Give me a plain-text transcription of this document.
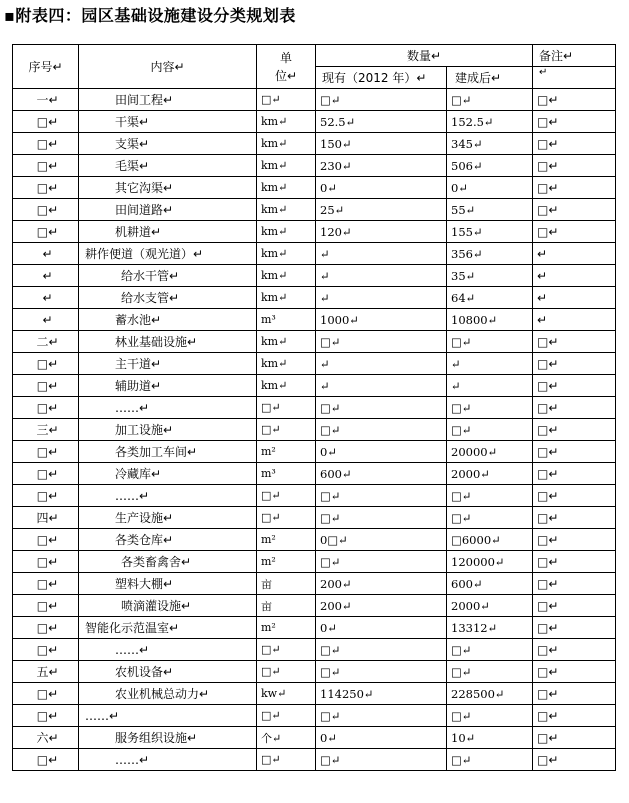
▪附表四：园区基础设施建设分类规划表
序号↵	内容↵	单
位↵	数量↵		备注↵
			现有（2012 年）↵	建成后↵	↵
一↵	田间工程↵	□↵	□↵	□↵	□↵
□↵	干渠↵	km↵	52.5↵	152.5↵	□↵
□↵	支渠↵	km↵	150↵	345↵	□↵
□↵	毛渠↵	km↵	230↵	506↵	□↵
□↵	其它沟渠↵	km↵	0↵	0↵	□↵
□↵	田间道路↵	km↵	25↵	55↵	□↵
□↵	机耕道↵	km↵	120↵	155↵	□↵
↵	耕作便道（观光道）↵	km↵	↵	356↵	↵
↵	给水干管↵	km↵	↵	35↵	↵
↵	给水支管↵	km↵	↵	64↵	↵
↵	蓄水池↵	m³	1000↵	10800↵	↵
二↵	林业基础设施↵	km↵	□↵	□↵	□↵
□↵	主干道↵	km↵	↵	↵	□↵
□↵	辅助道↵	km↵	↵	↵	□↵
□↵	……↵	□↵	□↵	□↵	□↵
三↵	加工设施↵	□↵	□↵	□↵	□↵
□↵	各类加工车间↵	m²	0↵	20000↵	□↵
□↵	冷藏库↵	m³	600↵	2000↵	□↵
□↵	……↵	□↵	□↵	□↵	□↵
四↵	生产设施↵	□↵	□↵	□↵	□↵
□↵	各类仓库↵	m²	0□↵	□6000↵	□↵
□↵	各类畜禽舍↵	m²	□↵	120000↵	□↵
□↵	塑料大棚↵	亩	200↵	600↵	□↵
□↵	喷滴灌设施↵	亩	200↵	2000↵	□↵
□↵	智能化示范温室↵	m²	0↵	13312↵	□↵
□↵	……↵	□↵	□↵	□↵	□↵
五↵	农机设备↵	□↵	□↵	□↵	□↵
□↵	农业机械总动力↵	kw↵	114250↵	228500↵	□↵
□↵	……↵	□↵	□↵	□↵	□↵
六↵	服务组织设施↵	个↵	0↵	10↵	□↵
□↵	……↵	□↵	□↵	□↵	□↵
